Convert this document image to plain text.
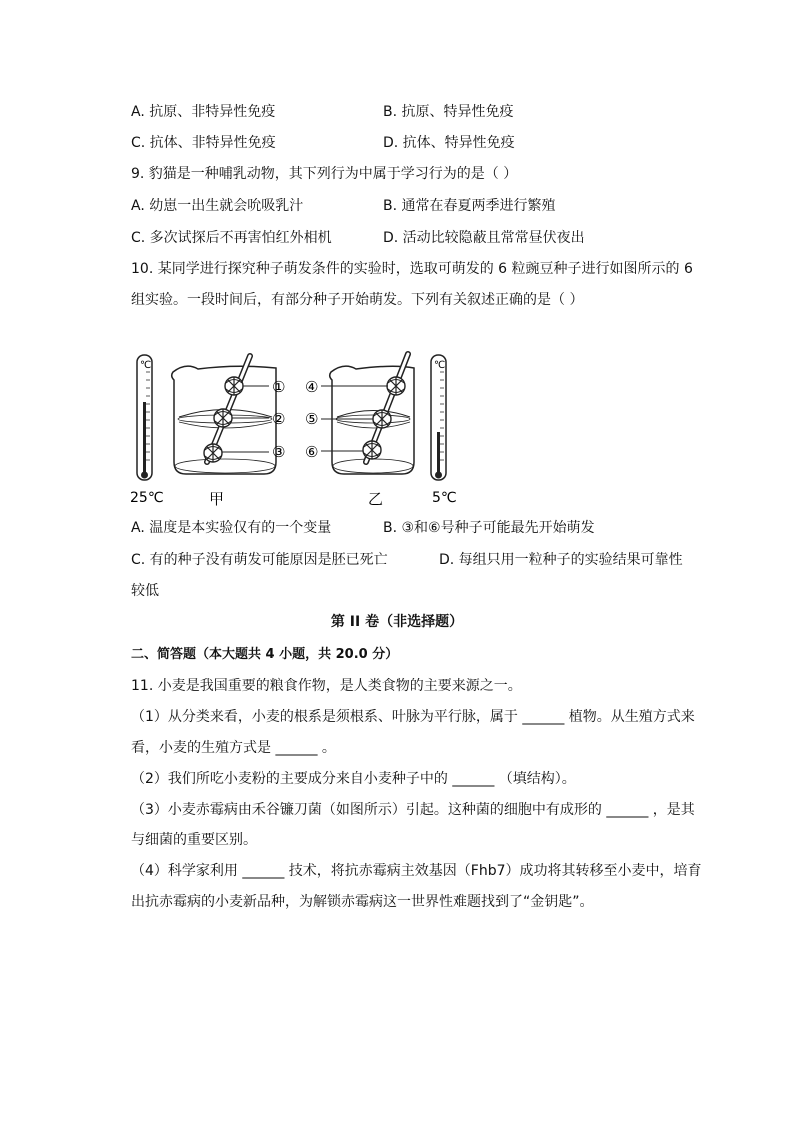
A. 抗原、非特异性免疫	B. 抗原、特异性免疫
C. 抗体、非特异性免疫	D. 抗体、特异性免疫
9. 豹猫是一种哺乳动物，其下列行为中属于学习行为的是（ ）
A. 幼崽一出生就会吮吸乳汁	B. 通常在春夏两季进行繁殖
C. 多次试探后不再害怕红外相机	D. 活动比较隐蔽且常常昼伏夜出
10. 某同学进行探究种子萌发条件的实验时，选取可萌发的 6 粒豌豆种子进行如图所示的 6
组实验。一段时间后，有部分种子开始萌发。下列有关叙述正确的是（ ）
℃
①
②
③
④
⑤
⑥
℃
25℃	甲	乙	5℃
A. 温度是本实验仅有的一个变量	B. ③和⑥号种子可能最先开始萌发
C. 有的种子没有萌发可能原因是胚已死亡	D. 每组只用一粒种子的实验结果可靠性
较低
第 II 卷（非选择题）
二、简答题（本大题共 4 小题，共 20.0 分）
11. 小麦是我国重要的粮食作物，是人类食物的主要来源之一。
（1）从分类来看，小麦的根系是须根系、叶脉为平行脉，属于 ______ 植物。从生殖方式来
看，小麦的生殖方式是 ______ 。
（2）我们所吃小麦粉的主要成分来自小麦种子中的 ______ （填结构）。
（3）小麦赤霉病由禾谷镰刀菌（如图所示）引起。这种菌的细胞中有成形的 ______ ，是其
与细菌的重要区别。
（4）科学家利用 ______ 技术，将抗赤霉病主效基因（Fhb7）成功将其转移至小麦中，培育
出抗赤霉病的小麦新品种，为解锁赤霉病这一世界性难题找到了“金钥匙”。
